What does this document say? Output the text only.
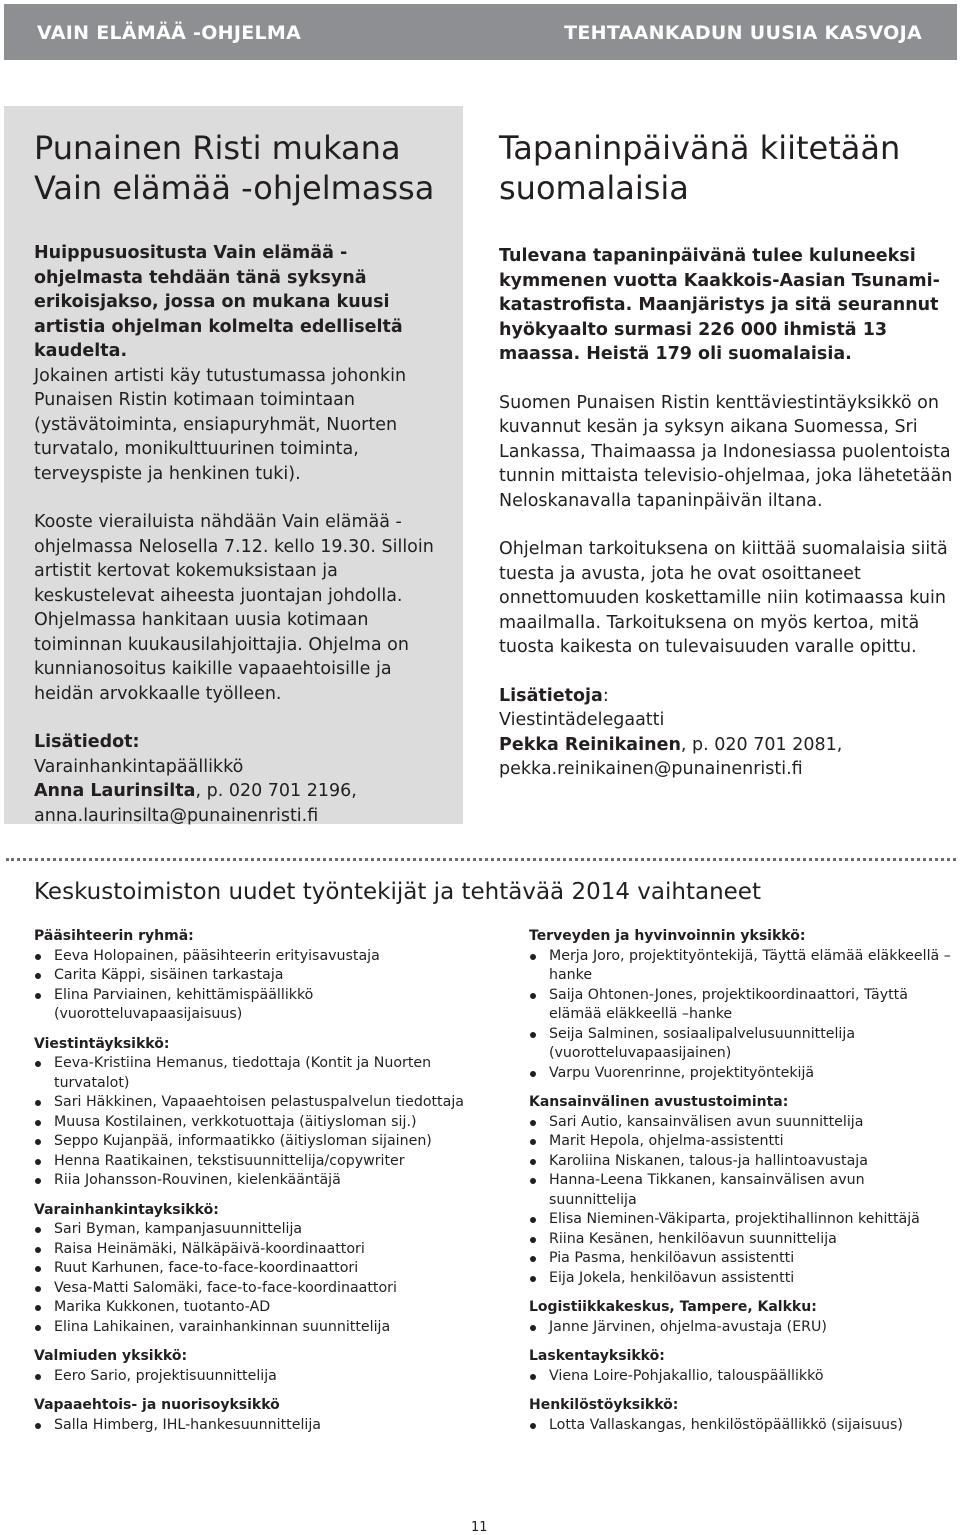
VAIN ELÄMÄÄ -OHJELMA	TEHTAANKADUN UUSIA KASVOJA
Punainen Risti mukana
Vain elämää -ohjelmassa

Huippusuositusta Vain elämää -ohjelmasta tehdään tänä syksynä erikoisjakso, jossa on mukana kuusi artistia ohjelman kolmelta edelliseltä kaudelta.

Jokainen artisti käy tutustumassa johonkin Punaisen Ristin kotimaan toimintaan (ystävätoiminta, ensiapuryhmät, Nuorten turvatalo, monikulttuurinen toiminta, terveyspiste ja henkinen tuki).

Kooste vierailuista nähdään Vain elämää -ohjelmassa Nelosella 7.12. kello 19.30. Silloin artistit kertovat kokemuksistaan ja keskustelevat aiheesta juontajan johdolla. Ohjelmassa hankitaan uusia kotimaan toiminnan kuukausilahjoittajia. Ohjelma on kunnianosoitus kaikille vapaaehtoisille ja heidän arvokkaalle työlleen.

Lisätiedot:

Varainhankintapäällikkö

Anna Laurinsilta, p. 020 701 2196,

anna.laurinsilta@punainenristi.fi

Tapaninpäivänä kiitetään
suomalaisia

Tulevana tapaninpäivänä tulee kuluneeksi kymmenen vuotta Kaakkois-Aasian Tsunami-katastrofista. Maanjäristys ja sitä seurannut hyökyaalto surmasi 226 000 ihmistä 13 maassa. Heistä 179 oli suomalaisia.

Suomen Punaisen Ristin kenttäviestintäyksikkö on kuvannut kesän ja syksyn aikana Suomessa, Sri Lankassa, Thaimaassa ja Indonesiassa puolentoista tunnin mittaista televisio-ohjelmaa, joka lähetetään Neloskanavalla tapaninpäivän iltana.

Ohjelman tarkoituksena on kiittää suomalaisia siitä tuesta ja avusta, jota he ovat osoittaneet onnettomuuden koskettamille niin kotimaassa kuin maailmalla. Tarkoituksena on myös kertoa, mitä tuosta kaikesta on tulevaisuuden varalle opittu.

Lisätietoja:

Viestintädelegaatti

Pekka Reinikainen, p. 020 701 2081,

pekka.reinikainen@punainenristi.fi

Keskustoimiston uudet työntekijät ja tehtävää 2014 vaihtaneet

Pääsihteerin ryhmä:

Eeva Holopainen, pääsihteerin erityisavustaja
Carita Käppi, sisäinen tarkastaja
Elina Parviainen, kehittämispäällikkö (vuorotteluvapaasijaisuus)

Viestintäyksikkö:

Eeva-Kristiina Hemanus, tiedottaja (Kontit ja Nuorten turvatalot)
Sari Häkkinen, Vapaaehtoisen pelastuspalvelun tiedottaja
Muusa Kostilainen, verkkotuottaja (äitiysloman sij.)
Seppo Kujanpää, informaatikko (äitiysloman sijainen)
Henna Raatikainen, tekstisuunnittelija/copywriter
Riia Johansson-Rouvinen, kielenkääntäjä

Varainhankintayksikkö:

Sari Byman, kampanjasuunnittelija
Raisa Heinämäki, Nälkäpäivä-koordinaattori
Ruut Karhunen, face-to-face-koordinaattori
Vesa-Matti Salomäki, face-to-face-koordinaattori
Marika Kukkonen, tuotanto-AD
Elina Lahikainen, varainhankinnan suunnittelija

Valmiuden yksikkö:

Eero Sario, projektisuunnittelija

Vapaaehtois- ja nuorisoyksikkö

Salla Himberg, IHL-hankesuunnittelija

Terveyden ja hyvinvoinnin yksikkö:

Merja Joro, projektityöntekijä, Täyttä elämää eläkkeellä –hanke
Saija Ohtonen-Jones, projektikoordinaattori, Täyttä elämää eläkkeellä –hanke
Seija Salminen, sosiaalipalvelusuunnittelija (vuorotteluvapaasijainen)
Varpu Vuorenrinne, projektityöntekijä

Kansainvälinen avustustoiminta:

Sari Autio, kansainvälisen avun suunnittelija
Marit Hepola, ohjelma-assistentti
Karoliina Niskanen, talous-ja hallintoavustaja
Hanna-Leena Tikkanen, kansainvälisen avun suunnittelija
Elisa Nieminen-Väkiparta, projektihallinnon kehittäjä
Riina Kesänen, henkilöavun suunnittelija
Pia Pasma, henkilöavun assistentti
Eija Jokela, henkilöavun assistentti

Logistiikkakeskus, Tampere, Kalkku:

Janne Järvinen, ohjelma-avustaja (ERU)

Laskentayksikkö:

Viena Loire-Pohjakallio, talouspäällikkö

Henkilöstöyksikkö:

Lotta Vallaskangas, henkilöstöpäällikkö (sijaisuus)
11
